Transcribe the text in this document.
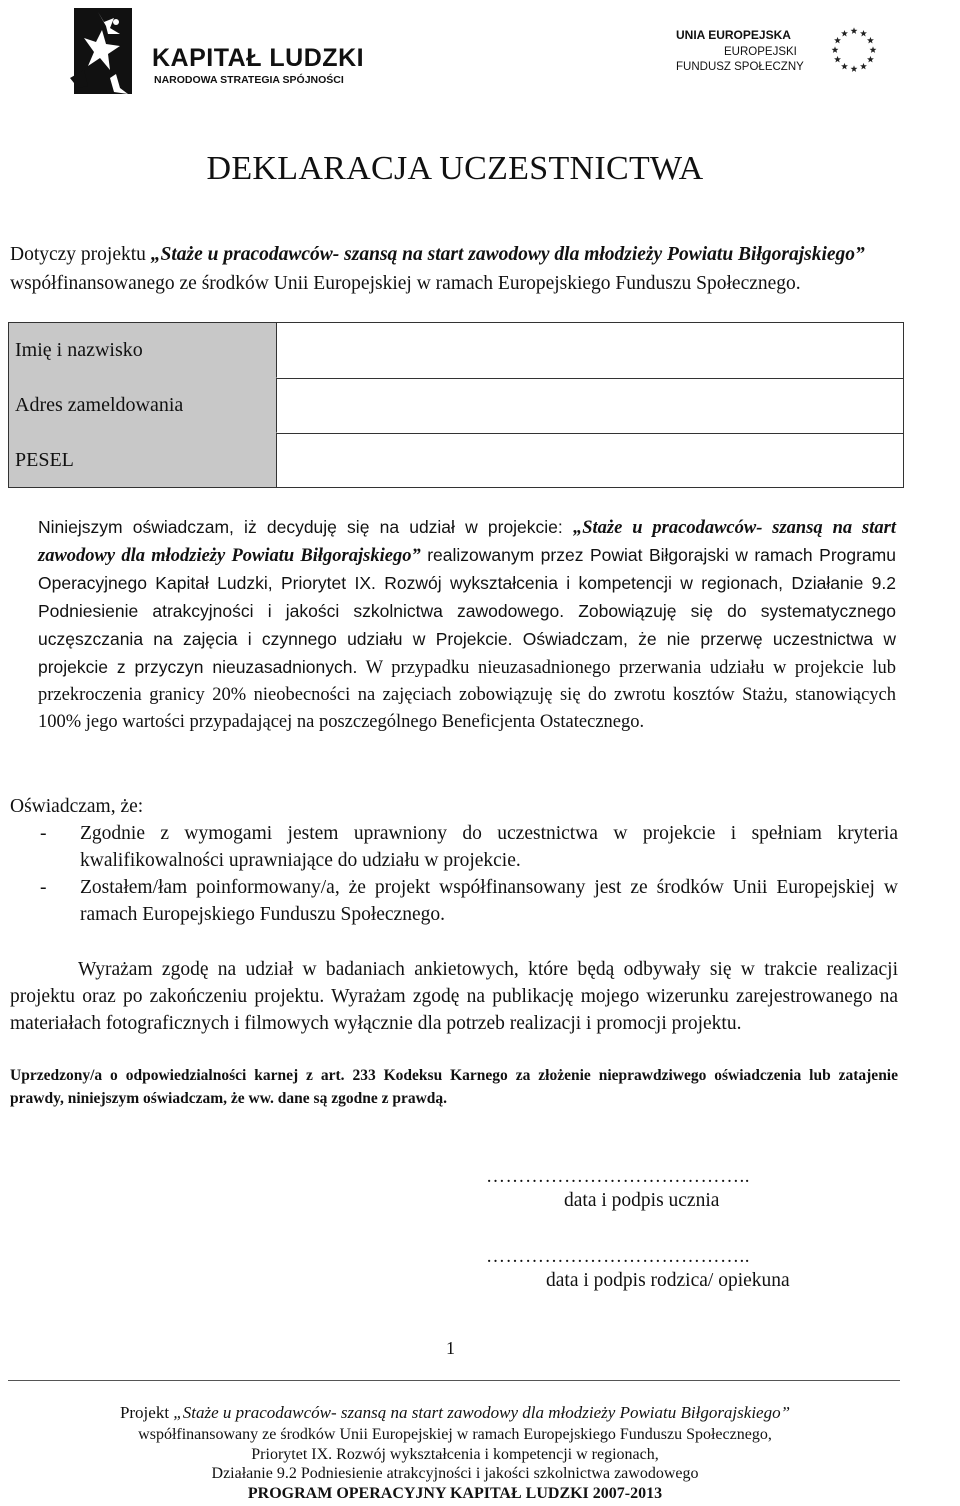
KAPITAŁ LUDZKI
NARODOWA STRATEGIA SPÓJNOŚCI
UNIA EUROPEJSKA
EUROPEJSKI
FUNDUSZ SPOŁECZNY
DEKLARACJA UCZESTNICTWA

Dotyczy projektu „Staże u pracodawców- szansą na start zawodowy dla młodzieży Powiatu Biłgorajskiego” współfinansowanego ze środków Unii Europejskiej w ramach Europejskiego Funduszu Społecznego.

Imię i nazwisko
Adres zameldowania
PESEL

Niniejszym oświadczam, iż decyduję się na udział w projekcie: „Staże u pracodawców- szansą na start zawodowy dla młodzieży Powiatu Biłgorajskiego” realizowanym przez Powiat Biłgorajski w ramach Programu Operacyjnego Kapitał Ludzki, Priorytet IX. Rozwój wykształcenia i kompetencji w regionach, Działanie 9.2 Podniesienie atrakcyjności i jakości szkolnictwa zawodowego. Zobowiązuję się do systematycznego uczęszczania na zajęcia i czynnego udziału w Projekcie. Oświadczam, że nie przerwę uczestnictwa w projekcie z przyczyn nieuzasadnionych. W przypadku nieuzasadnionego przerwania udziału w projekcie lub przekroczenia granicy 20% nieobecności na zajęciach zobowiązuję się do zwrotu kosztów Stażu, stanowiących 100% jego wartości przypadającej na poszczególnego Beneficjenta Ostatecznego.

Oświadczam, że:

- Zgodnie z wymogami jestem uprawniony do uczestnictwa w projekcie i spełniam kryteria kwalifikowalności uprawniające do udziału w projekcie.
- Zostałem/łam poinformowany/a, że projekt współfinansowany jest ze środków Unii Europejskiej w ramach Europejskiego Funduszu Społecznego.

Wyrażam zgodę na udział w badaniach ankietowych, które będą odbywały się w trakcie realizacji projektu oraz po zakończeniu projektu. Wyrażam zgodę na publikację mojego wizerunku zarejestrowanego na materiałach fotograficznych i filmowych wyłącznie dla potrzeb realizacji i promocji projektu.

Uprzedzony/a o odpowiedzialności karnej z art. 233 Kodeksu Karnego za złożenie nieprawdziwego oświadczenia lub zatajenie prawdy, niniejszym oświadczam, że ww. dane są zgodne z prawdą.

…………………………………..
data i podpis ucznia
…………………………………..
data i podpis rodzica/ opiekuna
1
Projekt „Staże u pracodawców- szansą na start zawodowy dla młodzieży Powiatu Biłgorajskiego”
współfinansowany ze środków Unii Europejskiej w ramach Europejskiego Funduszu Społecznego,
Priorytet IX. Rozwój wykształcenia i kompetencji w regionach,
Działanie 9.2 Podniesienie atrakcyjności i jakości szkolnictwa zawodowego
PROGRAM OPERACYJNY KAPITAŁ LUDZKI 2007-2013
